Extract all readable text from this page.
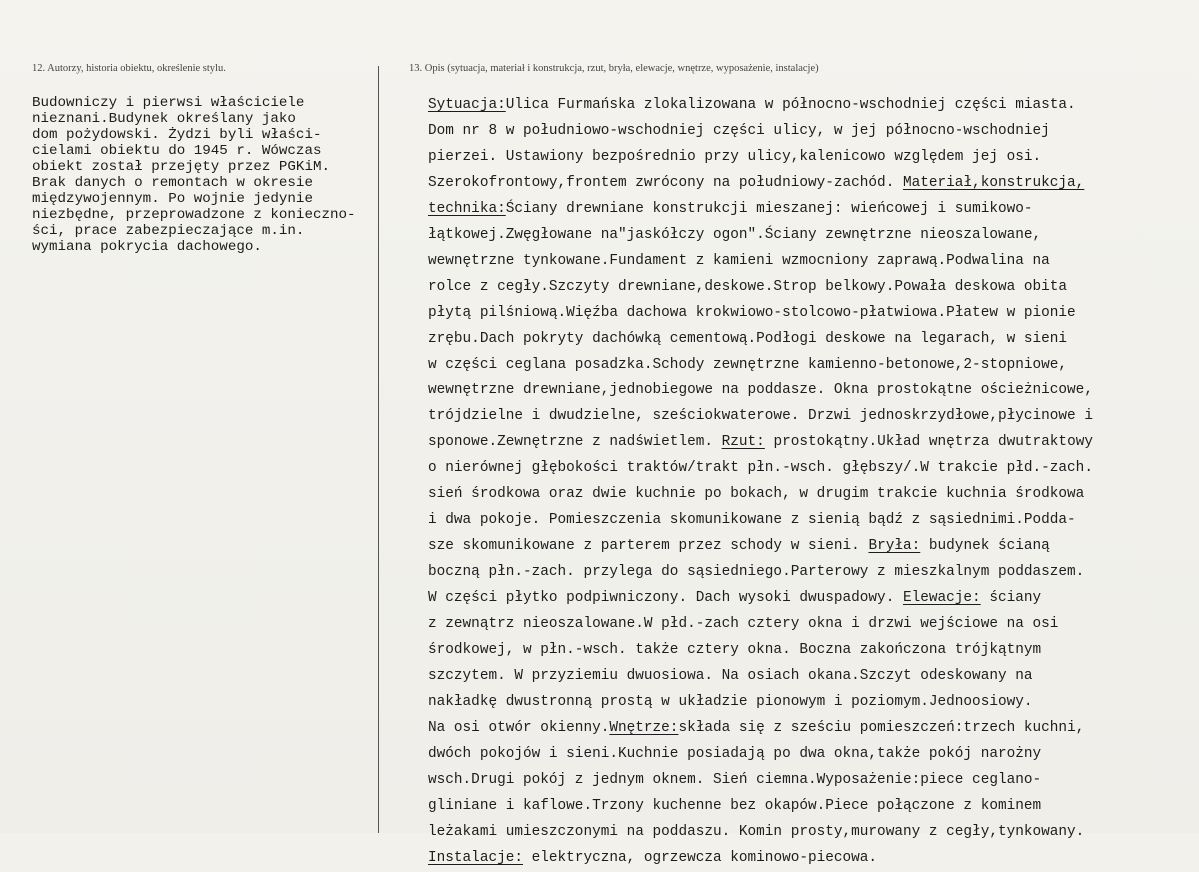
12. Autorzy, historia obiektu, określenie stylu.	13. Opis (sytuacja, materiał i konstrukcja, rzut, bryła, elewacje, wnętrze, wyposażenie, instalacje)
Budowniczy i pierwsi właściciele
nieznani.Budynek określany jako
dom pożydowski. Żydzi byli właści-
cielami obiektu do 1945 r. Wówczas
obiekt został przejęty przez PGKiM.
Brak danych o remontach w okresie
międzywojennym. Po wojnie jedynie
niezbędne, przeprowadzone z konieczno-
ści, prace zabezpieczające m.in.
wymiana pokrycia dachowego.
Sytuacja:Ulica Furmańska zlokalizowana w północno-wschodniej części miasta.
Dom nr 8 w południowo-wschodniej części ulicy, w jej północno-wschodniej
pierzei. Ustawiony bezpośrednio przy ulicy,kalenicowo względem jej osi.
Szerokofrontowy,frontem zwrócony na południowy-zachód. Materiał,konstrukcja,
technika:Ściany drewniane konstrukcji mieszanej: wieńcowej i sumikowo-
łątkowej.Zwęgłowane na"jaskółczy ogon".Ściany zewnętrzne nieoszalowane,
wewnętrzne tynkowane.Fundament z kamieni wzmocniony zaprawą.Podwalina na
rolce z cegły.Szczyty drewniane,deskowe.Strop belkowy.Powała deskowa obita
płytą pilśniową.Więźba dachowa krokwiowo-stolcowo-płatwiowa.Płatew w pionie
zrębu.Dach pokryty dachówką cementową.Podłogi deskowe na legarach, w sieni
w części ceglana posadzka.Schody zewnętrzne kamienno-betonowe,2-stopniowe,
wewnętrzne drewniane,jednobiegowe na poddasze. Okna prostokątne ościeżnicowe,
trójdzielne i dwudzielne, sześciokwaterowe. Drzwi jednoskrzydłowe,płycinowe i
sponowe.Zewnętrzne z nadświetlem. Rzut: prostokątny.Układ wnętrza dwutraktowy
o nierównej głębokości traktów/trakt płn.-wsch. głębszy/.W trakcie płd.-zach.
sień środkowa oraz dwie kuchnie po bokach, w drugim trakcie kuchnia środkowa
i dwa pokoje. Pomieszczenia skomunikowane z sienią bądź z sąsiednimi.Podda-
sze skomunikowane z parterem przez schody w sieni. Bryła: budynek ścianą
boczną płn.-zach. przylega do sąsiedniego.Parterowy z mieszkalnym poddaszem.
W części płytko podpiwniczony. Dach wysoki dwuspadowy. Elewacje: ściany
z zewnątrz nieoszalowane.W płd.-zach cztery okna i drzwi wejściowe na osi
środkowej, w płn.-wsch. także cztery okna. Boczna zakończona trójkątnym
szczytem. W przyziemiu dwuosiowa. Na osiach okana.Szczyt odeskowany na
nakładkę dwustronną prostą w układzie pionowym i poziomym.Jednoosiowy.
Na osi otwór okienny.Wnętrze:składa się z sześciu pomieszczeń:trzech kuchni,
dwóch pokojów i sieni.Kuchnie posiadają po dwa okna,także pokój narożny
wsch.Drugi pokój z jednym oknem. Sień ciemna.Wyposażenie:piece ceglano-
gliniane i kaflowe.Trzony kuchenne bez okapów.Piece połączone z kominem
leżakami umieszczonymi na poddaszu. Komin prosty,murowany z cegły,tynkowany.
Instalacje: elektryczna, ogrzewcza kominowo-piecowa.
